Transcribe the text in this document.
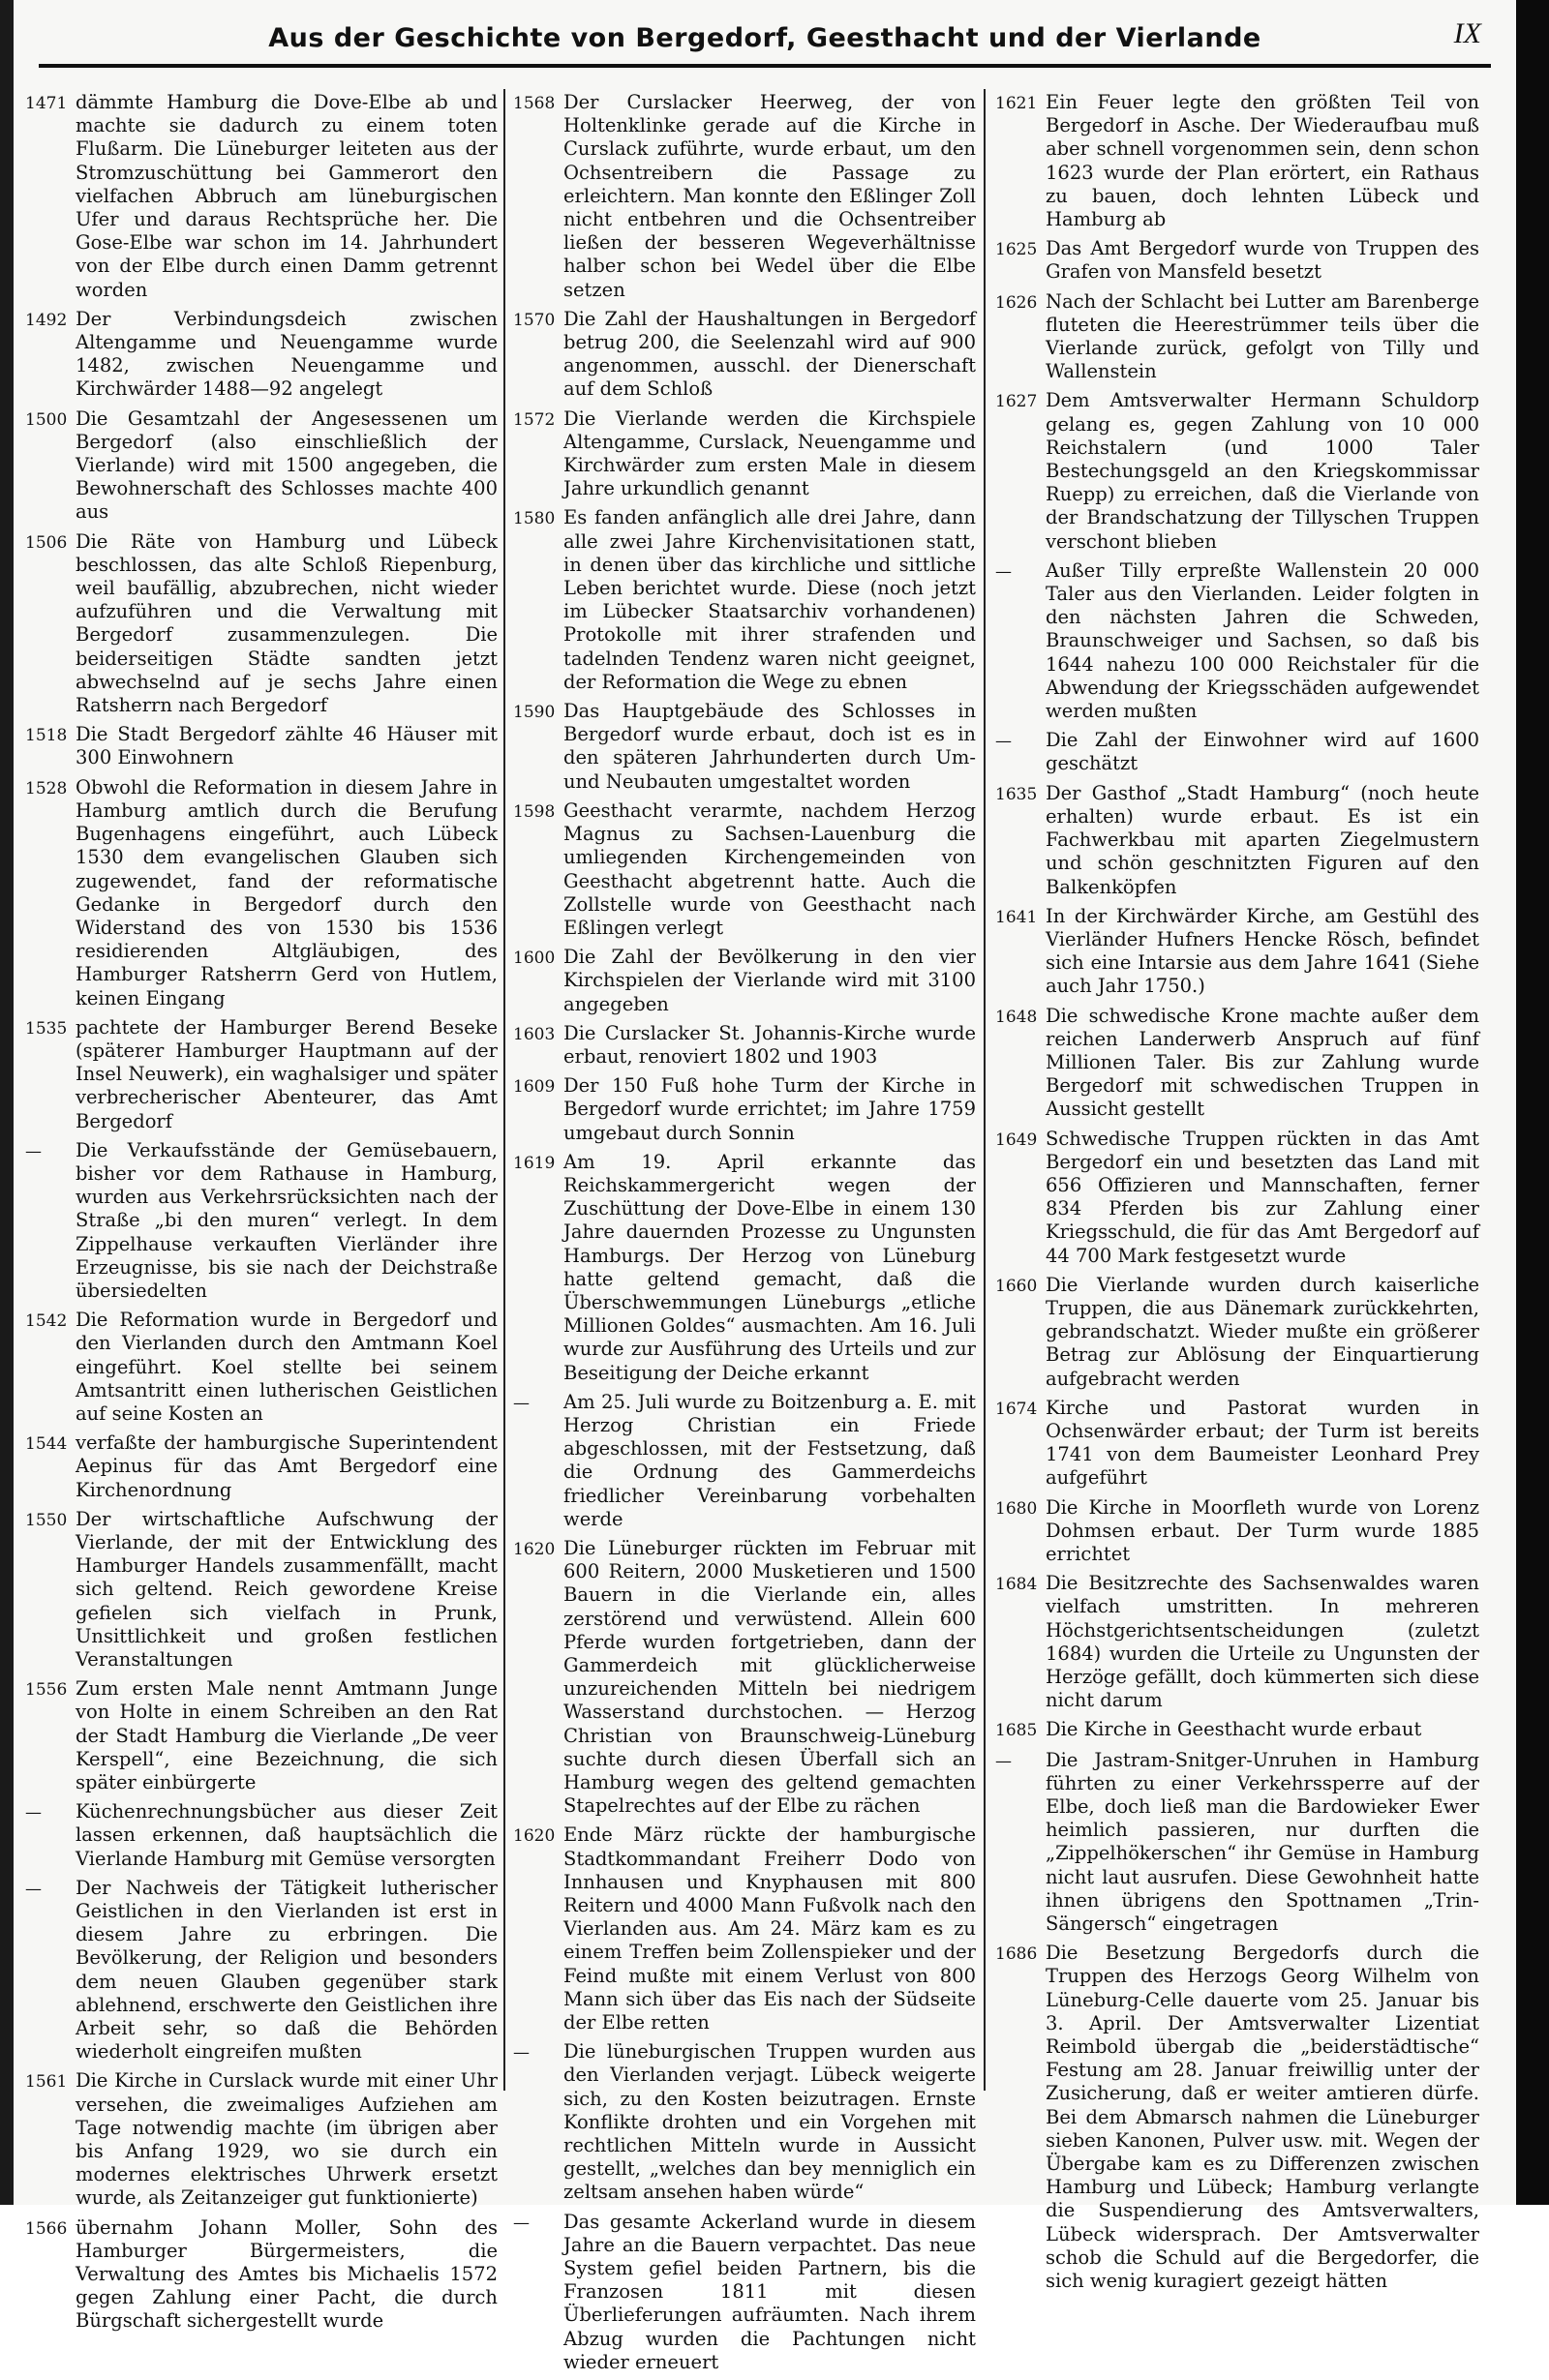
Aus der Geschichte von Bergedorf, Geesthacht und der Vierlande	IX
1471 dämmte Hamburg die Dove-Elbe ab und machte sie dadurch zu einem toten Flußarm. Die Lüneburger leiteten aus der Stromzuschüttung bei Gammerort den vielfachen Abbruch am lüneburgischen Ufer und daraus Rechtsprüche her. Die Gose-Elbe war schon im 14. Jahrhundert von der Elbe durch einen Damm getrennt worden
1492 Der Verbindungsdeich zwischen Altengamme und Neuengamme wurde 1482, zwischen Neuengamme und Kirchwärder 1488—92 angelegt
1500 Die Gesamtzahl der Angesessenen um Bergedorf (also einschließlich der Vierlande) wird mit 1500 angegeben, die Bewohnerschaft des Schlosses machte 400 aus
1506 Die Räte von Hamburg und Lübeck beschlossen, das alte Schloß Riepenburg, weil baufällig, abzubrechen, nicht wieder aufzuführen und die Verwaltung mit Bergedorf zusammenzulegen. Die beiderseitigen Städte sandten jetzt abwechselnd auf je sechs Jahre einen Ratsherrn nach Bergedorf
1518 Die Stadt Bergedorf zählte 46 Häuser mit 300 Einwohnern
1528 Obwohl die Reformation in diesem Jahre in Hamburg amtlich durch die Berufung Bugenhagens eingeführt, auch Lübeck 1530 dem evangelischen Glauben sich zugewendet, fand der reformatische Gedanke in Bergedorf durch den Widerstand des von 1530 bis 1536 residierenden Altgläubigen, des Hamburger Ratsherrn Gerd von Hutlem, keinen Eingang
1535 pachtete der Hamburger Berend Beseke (späterer Hamburger Hauptmann auf der Insel Neuwerk), ein waghalsiger und später verbrecherischer Abenteurer, das Amt Bergedorf
—	Die Verkaufsstände der Gemüsebauern, bisher vor dem Rathause in Hamburg, wurden aus Verkehrsrücksichten nach der Straße „bi den muren“ verlegt. In dem Zippelhause verkauften Vierländer ihre Erzeugnisse, bis sie nach der Deichstraße übersiedelten
1542 Die Reformation wurde in Bergedorf und den Vierlanden durch den Amtmann Koel eingeführt. Koel stellte bei seinem Amtsantritt einen lutherischen Geistlichen auf seine Kosten an
1544 verfaßte der hamburgische Superintendent Aepinus für das Amt Bergedorf eine Kirchenordnung
1550 Der wirtschaftliche Aufschwung der Vierlande, der mit der Entwicklung des Hamburger Handels zusammenfällt, macht sich geltend. Reich gewordene Kreise gefielen sich vielfach in Prunk, Unsittlichkeit und großen festlichen Veranstaltungen
1556 Zum ersten Male nennt Amtmann Junge von Holte in einem Schreiben an den Rat der Stadt Hamburg die Vierlande „De veer Kerspell“, eine Bezeichnung, die sich später einbürgerte
—	Küchenrechnungsbücher aus dieser Zeit lassen erkennen, daß hauptsächlich die Vierlande Hamburg mit Gemüse versorgten
—	Der Nachweis der Tätigkeit lutherischer Geistlichen in den Vierlanden ist erst in diesem Jahre zu erbringen. Die Bevölkerung, der Religion und besonders dem neuen Glauben gegenüber stark ablehnend, erschwerte den Geistlichen ihre Arbeit sehr, so daß die Behörden wiederholt eingreifen mußten
1561 Die Kirche in Curslack wurde mit einer Uhr versehen, die zweimaliges Aufziehen am Tage notwendig machte (im übrigen aber bis Anfang 1929, wo sie durch ein modernes elektrisches Uhrwerk ersetzt wurde, als Zeitanzeiger gut funktionierte)
1566 übernahm Johann Moller, Sohn des Hamburger Bürgermeisters, die Verwaltung des Amtes bis Michaelis 1572 gegen Zahlung einer Pacht, die durch Bürgschaft sichergestellt wurde
1568 Der Curslacker Heerweg, der von Holtenklinke gerade auf die Kirche in Curslack zuführte, wurde erbaut, um den Ochsentreibern die Passage zu erleichtern. Man konnte den Eßlinger Zoll nicht entbehren und die Ochsentreiber ließen der besseren Wegeverhältnisse halber schon bei Wedel über die Elbe setzen
1570 Die Zahl der Haushaltungen in Bergedorf betrug 200, die Seelenzahl wird auf 900 angenommen, ausschl. der Dienerschaft auf dem Schloß
1572 Die Vierlande werden die Kirchspiele Altengamme, Curslack, Neuengamme und Kirchwärder zum ersten Male in diesem Jahre urkundlich genannt
1580 Es fanden anfänglich alle drei Jahre, dann alle zwei Jahre Kirchenvisitationen statt, in denen über das kirchliche und sittliche Leben berichtet wurde. Diese (noch jetzt im Lübecker Staatsarchiv vorhandenen) Protokolle mit ihrer strafenden und tadelnden Tendenz waren nicht geeignet, der Reformation die Wege zu ebnen
1590 Das Hauptgebäude des Schlosses in Bergedorf wurde erbaut, doch ist es in den späteren Jahrhunderten durch Um- und Neubauten umgestaltet worden
1598 Geesthacht verarmte, nachdem Herzog Magnus zu Sachsen-Lauenburg die umliegenden Kirchengemeinden von Geesthacht abgetrennt hatte. Auch die Zollstelle wurde von Geesthacht nach Eßlingen verlegt
1600 Die Zahl der Bevölkerung in den vier Kirchspielen der Vierlande wird mit 3100 angegeben
1603 Die Curslacker St. Johannis-Kirche wurde erbaut, renoviert 1802 und 1903
1609 Der 150 Fuß hohe Turm der Kirche in Bergedorf wurde errichtet; im Jahre 1759 umgebaut durch Sonnin
1619 Am 19. April erkannte das Reichskammergericht wegen der Zuschüttung der Dove-Elbe in einem 130 Jahre dauernden Prozesse zu Ungunsten Hamburgs. Der Herzog von Lüneburg hatte geltend gemacht, daß die Überschwemmungen Lüneburgs „etliche Millionen Goldes“ ausmachten. Am 16. Juli wurde zur Ausführung des Urteils und zur Beseitigung der Deiche erkannt
—	Am 25. Juli wurde zu Boitzenburg a. E. mit Herzog Christian ein Friede abgeschlossen, mit der Festsetzung, daß die Ordnung des Gammerdeichs friedlicher Vereinbarung vorbehalten werde
1620 Die Lüneburger rückten im Februar mit 600 Reitern, 2000 Musketieren und 1500 Bauern in die Vierlande ein, alles zerstörend und verwüstend. Allein 600 Pferde wurden fortgetrieben, dann der Gammerdeich mit glücklicherweise unzureichenden Mitteln bei niedrigem Wasserstand durchstochen. — Herzog Christian von Braunschweig-Lüneburg suchte durch diesen Überfall sich an Hamburg wegen des geltend gemachten Stapelrechtes auf der Elbe zu rächen
1620 Ende März rückte der hamburgische Stadtkommandant Freiherr Dodo von Innhausen und Knyphausen mit 800 Reitern und 4000 Mann Fußvolk nach den Vierlanden aus. Am 24. März kam es zu einem Treffen beim Zollenspieker und der Feind mußte mit einem Verlust von 800 Mann sich über das Eis nach der Südseite der Elbe retten
—	Die lüneburgischen Truppen wurden aus den Vierlanden verjagt. Lübeck weigerte sich, zu den Kosten beizutragen. Ernste Konflikte drohten und ein Vorgehen mit rechtlichen Mitteln wurde in Aussicht gestellt, „welches dan bey menniglich ein zeltsam ansehen haben würde“
—	Das gesamte Ackerland wurde in diesem Jahre an die Bauern verpachtet. Das neue System gefiel beiden Partnern, bis die Franzosen 1811 mit diesen Überlieferungen aufräumten. Nach ihrem Abzug wurden die Pachtungen nicht wieder erneuert
1621 Ein Feuer legte den größten Teil von Bergedorf in Asche. Der Wiederaufbau muß aber schnell vorgenommen sein, denn schon 1623 wurde der Plan erörtert, ein Rathaus zu bauen, doch lehnten Lübeck und Hamburg ab
1625 Das Amt Bergedorf wurde von Truppen des Grafen von Mansfeld besetzt
1626 Nach der Schlacht bei Lutter am Barenberge fluteten die Heerestrümmer teils über die Vierlande zurück, gefolgt von Tilly und Wallenstein
1627 Dem Amtsverwalter Hermann Schuldorp gelang es, gegen Zahlung von 10 000 Reichstalern (und 1000 Taler Bestechungsgeld an den Kriegskommissar Ruepp) zu erreichen, daß die Vierlande von der Brandschatzung der Tillyschen Truppen verschont blieben
—	Außer Tilly erpreßte Wallenstein 20 000 Taler aus den Vierlanden. Leider folgten in den nächsten Jahren die Schweden, Braunschweiger und Sachsen, so daß bis 1644 nahezu 100 000 Reichstaler für die Abwendung der Kriegsschäden aufgewendet werden mußten
—	Die Zahl der Einwohner wird auf 1600 geschätzt
1635 Der Gasthof „Stadt Hamburg“ (noch heute erhalten) wurde erbaut. Es ist ein Fachwerkbau mit aparten Ziegelmustern und schön geschnitzten Figuren auf den Balkenköpfen
1641 In der Kirchwärder Kirche, am Gestühl des Vierländer Hufners Hencke Rösch, befindet sich eine Intarsie aus dem Jahre 1641 (Siehe auch Jahr 1750.)
1648 Die schwedische Krone machte außer dem reichen Landerwerb Anspruch auf fünf Millionen Taler. Bis zur Zahlung wurde Bergedorf mit schwedischen Truppen in Aussicht gestellt
1649 Schwedische Truppen rückten in das Amt Bergedorf ein und besetzten das Land mit 656 Offizieren und Mannschaften, ferner 834 Pferden bis zur Zahlung einer Kriegsschuld, die für das Amt Bergedorf auf 44 700 Mark festgesetzt wurde
1660 Die Vierlande wurden durch kaiserliche Truppen, die aus Dänemark zurückkehrten, gebrandschatzt. Wieder mußte ein größerer Betrag zur Ablösung der Einquartierung aufgebracht werden
1674 Kirche und Pastorat wurden in Ochsenwärder erbaut; der Turm ist bereits 1741 von dem Baumeister Leonhard Prey aufgeführt
1680 Die Kirche in Moorfleth wurde von Lorenz Dohmsen erbaut. Der Turm wurde 1885 errichtet
1684 Die Besitzrechte des Sachsenwaldes waren vielfach umstritten. In mehreren Höchstgerichtsentscheidungen (zuletzt 1684) wurden die Urteile zu Ungunsten der Herzöge gefällt, doch kümmerten sich diese nicht darum
1685 Die Kirche in Geesthacht wurde erbaut
—	Die Jastram-Snitger-Unruhen in Hamburg führten zu einer Verkehrssperre auf der Elbe, doch ließ man die Bardowieker Ewer heimlich passieren, nur durften die „Zippelhökerschen“ ihr Gemüse in Hamburg nicht laut ausrufen. Diese Gewohnheit hatte ihnen übrigens den Spottnamen „Trin-Sängersch“ eingetragen
1686 Die Besetzung Bergedorfs durch die Truppen des Herzogs Georg Wilhelm von Lüneburg-Celle dauerte vom 25. Januar bis 3. April. Der Amtsverwalter Lizentiat Reimbold übergab die „beiderstädtische“ Festung am 28. Januar freiwillig unter der Zusicherung, daß er weiter amtieren dürfe. Bei dem Abmarsch nahmen die Lüneburger sieben Kanonen, Pulver usw. mit. Wegen der Übergabe kam es zu Differenzen zwischen Hamburg und Lübeck; Hamburg verlangte die Suspendierung des Amtsverwalters, Lübeck widersprach. Der Amtsverwalter schob die Schuld auf die Bergedorfer, die sich wenig kuragiert gezeigt hätten
